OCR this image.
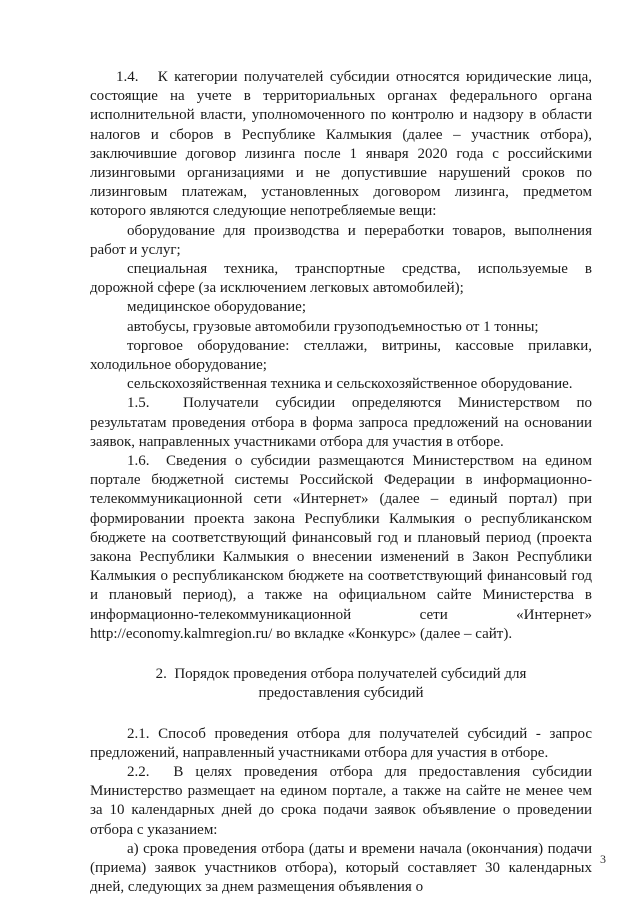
1.4.   К категории получателей субсидии относятся юридические лица, состоящие на учете в территориальных органах федерального органа исполнительной власти, уполномоченного по контролю и надзору в области налогов и сборов в Республике Калмыкия (далее – участник отбора), заключившие договор лизинга после 1 января 2020 года с российскими лизинговыми организациями и не допустившие нарушений сроков по лизинговым платежам, установленных договором лизинга, предметом которого являются следующие непотребляемые вещи:

оборудование для производства и переработки товаров, выполнения работ и услуг;

специальная техника, транспортные средства, используемые в дорожной сфере (за исключением легковых автомобилей);

медицинское оборудование;

автобусы, грузовые автомобили грузоподъемностью от 1 тонны;

торговое оборудование: стеллажи, витрины, кассовые прилавки, холодильное оборудование;

сельскохозяйственная техника и сельскохозяйственное оборудование.

1.5.  Получатели субсидии определяются Министерством по результатам проведения отбора в форма запроса предложений на основании заявок, направленных участниками отбора для участия в отборе.

1.6.  Сведения о субсидии размещаются Министерством на едином портале бюджетной системы Российской Федерации в информационно-телекоммуникационной сети «Интернет» (далее – единый портал) при формировании проекта закона Республики Калмыкия о республиканском бюджете на соответствующий финансовый год и плановый период (проекта закона Республики Калмыкия о внесении изменений в Закон Республики Калмыкия о республиканском бюджете на соответствующий финансовый год и плановый период), а также на официальном сайте Министерства в информационно-телекоммуникационной сети «Интернет» http://economy.kalmregion.ru/ во вкладке «Конкурс» (далее – сайт).

2.  Порядок проведения отбора получателей субсидий для
предоставления субсидий

2.1. Способ проведения отбора для получателей субсидий - запрос предложений, направленный участниками отбора для участия в отборе.

2.2.  В целях проведения отбора для предоставления субсидии Министерство размещает на едином портале, а также на сайте не менее чем за 10 календарных дней до срока подачи заявок объявление о проведении отбора с указанием:

а) срока проведения отбора (даты и времени начала (окончания) подачи (приема) заявок участников отбора), который составляет 30 календарных дней, следующих за днем размещения объявления о

3
